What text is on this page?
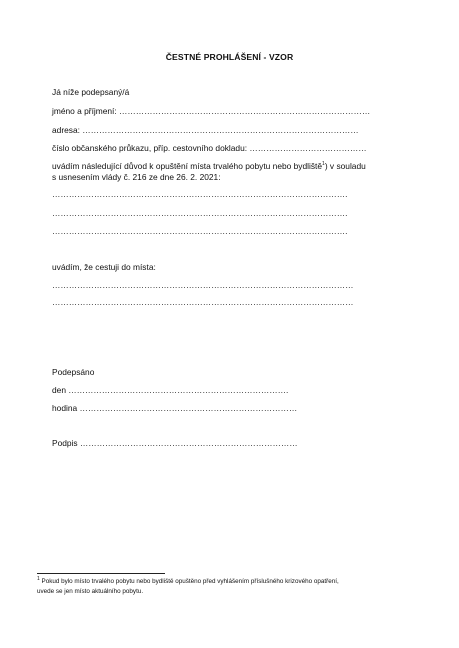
ČESTNÉ PROHLÁŠENÍ - VZOR
Já níže podepsaný/á
jméno a příjmení: ………………………………………………………………………………
adresa: ………………………………………………………………………………………
číslo občanského průkazu, příp. cestovního dokladu: ……………………………………
uvádím následující důvod k opuštění místa trvalého pobytu nebo bydliště$^1$) v souladu
s usnesením vlády č. 216 ze dne 26. 2. 2021:
…………………………………………………………………………………………….
…………………………………………………………………………………………….
…………………………………………………………………………………………….
uvádím, že cestuji do místa:
………………………………………………………………………………………………
………………………………………………………………………………………………
Podepsáno
den …………………………………………………………………….
hodina ……………………………………………………………………
Podpis ……………………………………………………………………
$^1$ Pokud bylo místo trvalého pobytu nebo bydliště opuštěno před vyhlášením příslušného krizového opatření,
uvede se jen místo aktuálního pobytu.
